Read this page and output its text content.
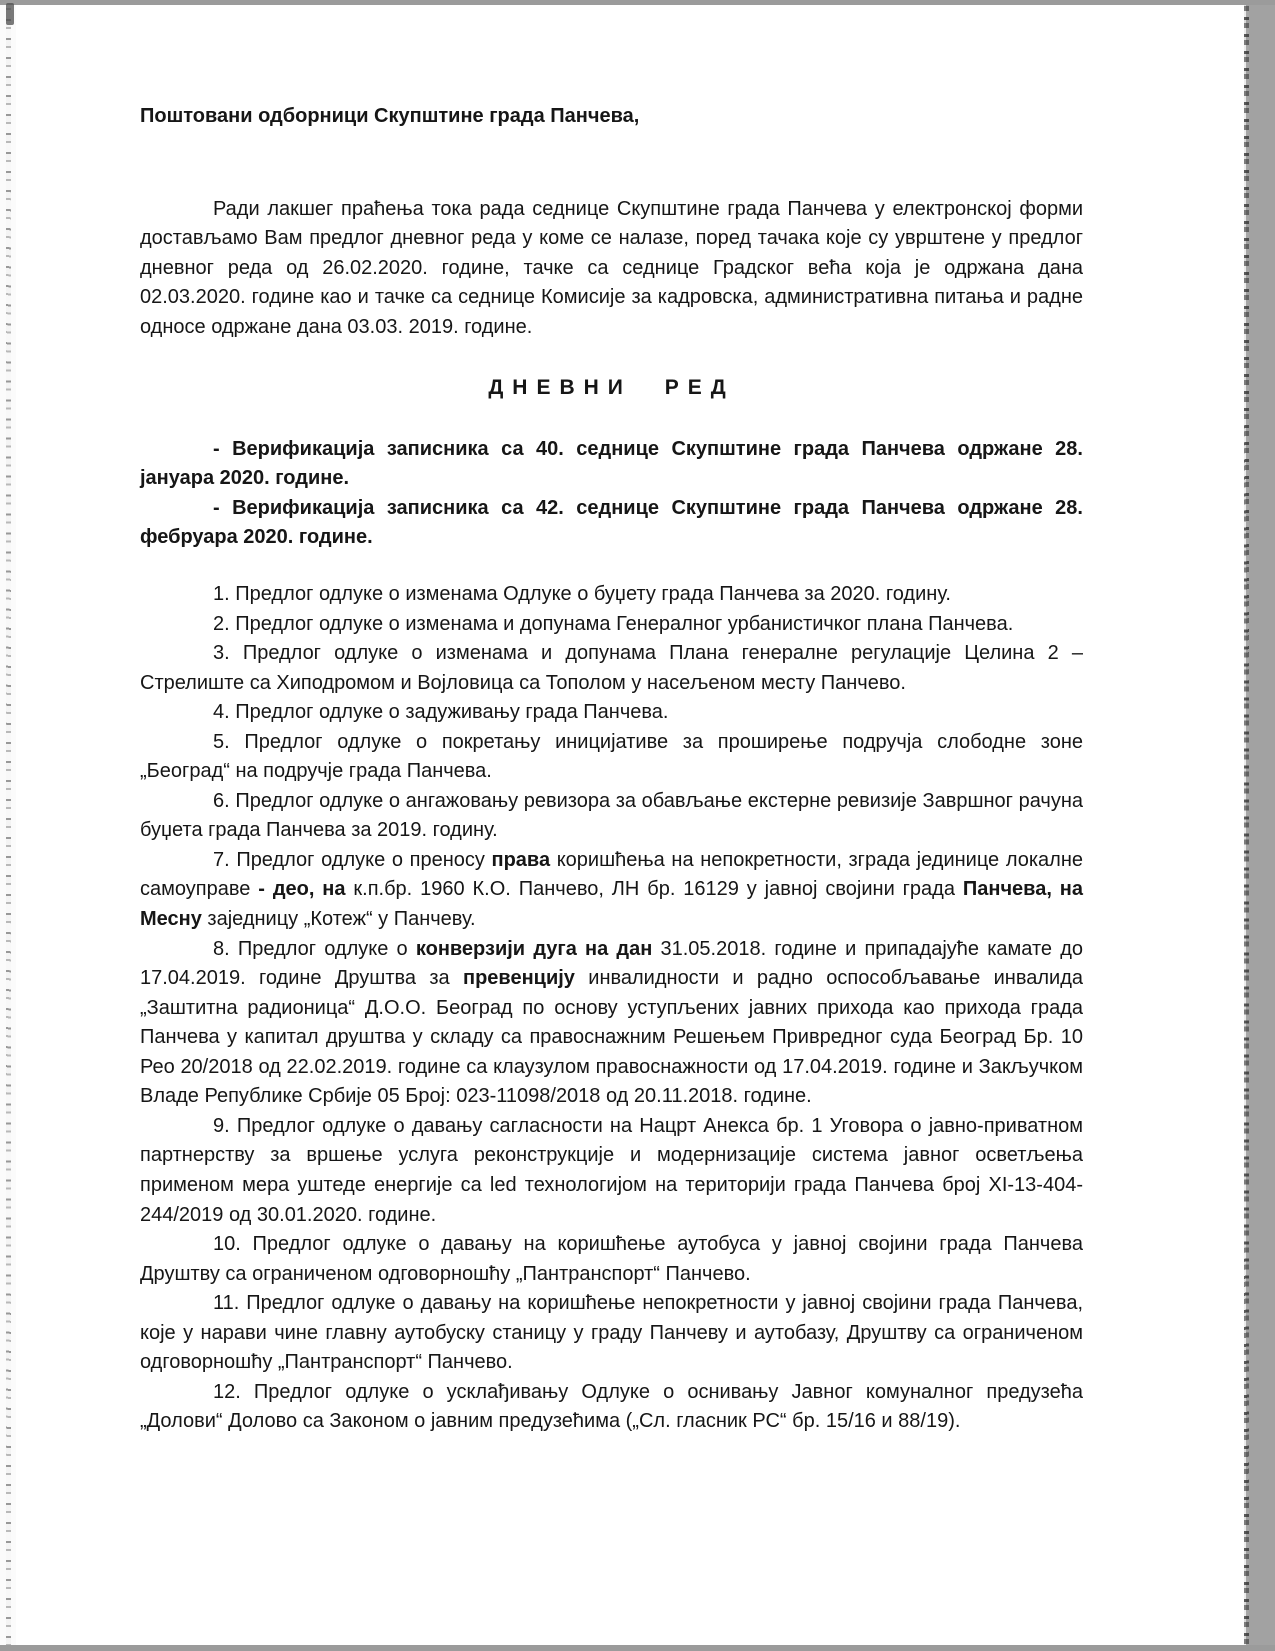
Поштовани одборници Скупштине града Панчева,

Ради лакшег праћења тока рада седнице Скупштине града Панчева у електронској форми достављамо Вам предлог дневног реда у коме се налазе, поред тачака које су уврштене у предлог дневног реда од 26.02.2020. године, тачке са седнице Градског већа која је одржана дана 02.03.2020. године као и тачке са седнице Комисије за кадровска, административна питања и радне односе одржане дана 03.03. 2019. године.

ДНЕВНИ РЕД

- Верификација записника са 40. седнице Скупштине града Панчева одржане 28. јануара 2020. године.

- Верификација записника са 42. седнице Скупштине града Панчева одржане 28. фебруара 2020. године.

1. Предлог одлуке о изменама Одлуке о буџету града Панчева за 2020. годину.

2. Предлог одлуке о изменама и допунама Генералног урбанистичког плана Панчева.

3. Предлог одлуке о изменама и допунама Плана генералне регулације Целина 2 – Стрелиште са Хиподромом и Војловица са Тополом у насељеном месту Панчево.

4. Предлог одлуке о задуживању града Панчева.

5. Предлог одлуке о покретању иницијативе за проширење подручја слободне зоне „Београд“ на подручје града Панчева.

6. Предлог одлуке о ангажовању ревизора за обављање екстерне ревизије Завршног рачуна буџета града Панчева за 2019. годину.

7. Предлог одлуке о преносу права коришћења на непокретности, зграда јединице локалне самоуправе - део, на к.п.бр. 1960 К.О. Панчево, ЛН бр. 16129 у јавној својини града Панчева, на Месну заједницу „Котеж“ у Панчеву.

8. Предлог одлуке о конверзији дуга на дан 31.05.2018. године и припадајуће камате до 17.04.2019. године Друштва за превенцију инвалидности и радно оспособљавање инвалида „Заштитна радионица“ Д.О.О. Београд по основу уступљених јавних прихода као прихода града Панчева у капитал друштва у складу са правоснажним Решењем Привредног суда Београд Бр. 10 Рео 20/2018 од 22.02.2019. године са клаузулом правоснажности од 17.04.2019. године и Закључком Владе Републике Србије 05 Број: 023-11098/2018 од 20.11.2018. године.

9. Предлог одлуке о давању сагласности на Нацрт Анекса бр. 1 Уговора о јавно-приватном партнерству за вршење услуга реконструкције и модернизације система јавног осветљења применом мера уштеде енергије са led технологијом на територији града Панчева број XI-13-404-244/2019 од 30.01.2020. године.

10. Предлог одлуке о давању на коришћење аутобуса у јавној својини града Панчева Друштву са ограниченом одговорношћу „Пантранспорт“ Панчево.

11. Предлог одлуке о давању на коришћење непокретности у јавној својини града Панчева, које у нарави чине главну аутобуску станицу у граду Панчеву и аутобазу, Друштву са ограниченом одговорношћу „Пантранспорт“ Панчево.

12. Предлог одлуке о усклађивању Одлуке о оснивању Јавног комуналног предузећа „Долови“ Долово са Законом о јавним предузећима („Сл. гласник РС“ бр. 15/16 и 88/19).
